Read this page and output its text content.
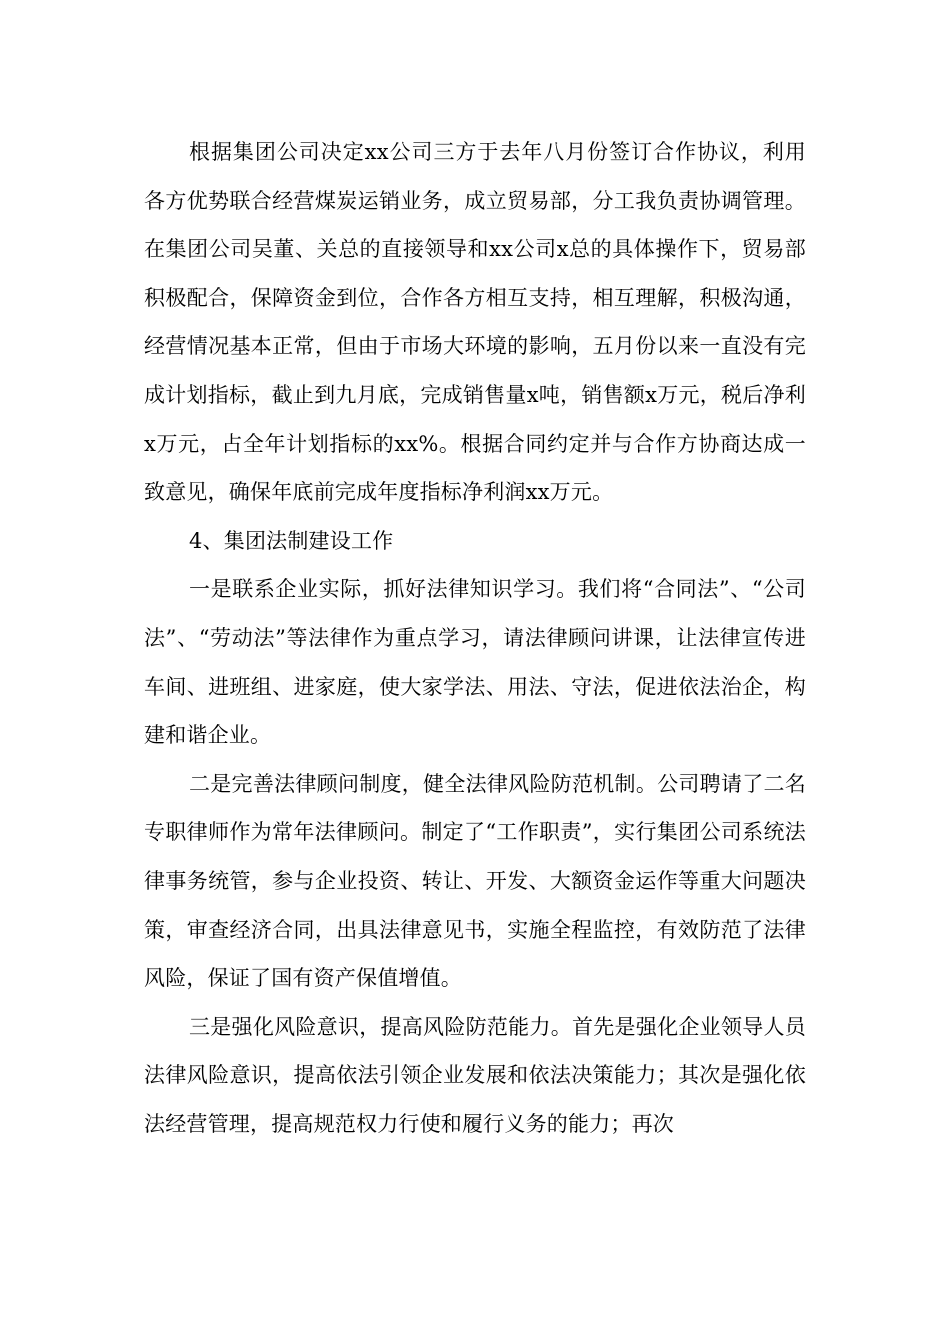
根据集团公司决定xx公司三方于去年八月份签订合作协议，利用各方优势联合经营煤炭运销业务，成立贸易部，分工我负责协调管理。在集团公司吴董、关总的直接领导和xx公司x总的具体操作下，贸易部积极配合，保障资金到位，合作各方相互支持，相互理解，积极沟通，经营情况基本正常，但由于市场大环境的影响，五月份以来一直没有完成计划指标，截止到九月底，完成销售量x吨，销售额x万元，税后净利x万元，占全年计划指标的xx%。根据合同约定并与合作方协商达成一致意见，确保年底前完成年度指标净利润xx万元。

4、集团法制建设工作

一是联系企业实际，抓好法律知识学习。我们将“合同法”、“公司法”、“劳动法”等法律作为重点学习，请法律顾问讲课，让法律宣传进车间、进班组、进家庭，使大家学法、用法、守法，促进依法治企，构建和谐企业。

二是完善法律顾问制度，健全法律风险防范机制。公司聘请了二名专职律师作为常年法律顾问。制定了“工作职责”，实行集团公司系统法律事务统管，参与企业投资、转让、开发、大额资金运作等重大问题决策，审查经济合同，出具法律意见书，实施全程监控，有效防范了法律风险，保证了国有资产保值增值。

三是强化风险意识，提高风险防范能力。首先是强化企业领导人员法律风险意识，提高依法引领企业发展和依法决策能力；其次是强化依法经营管理，提高规范权力行使和履行义务的能力；再次
